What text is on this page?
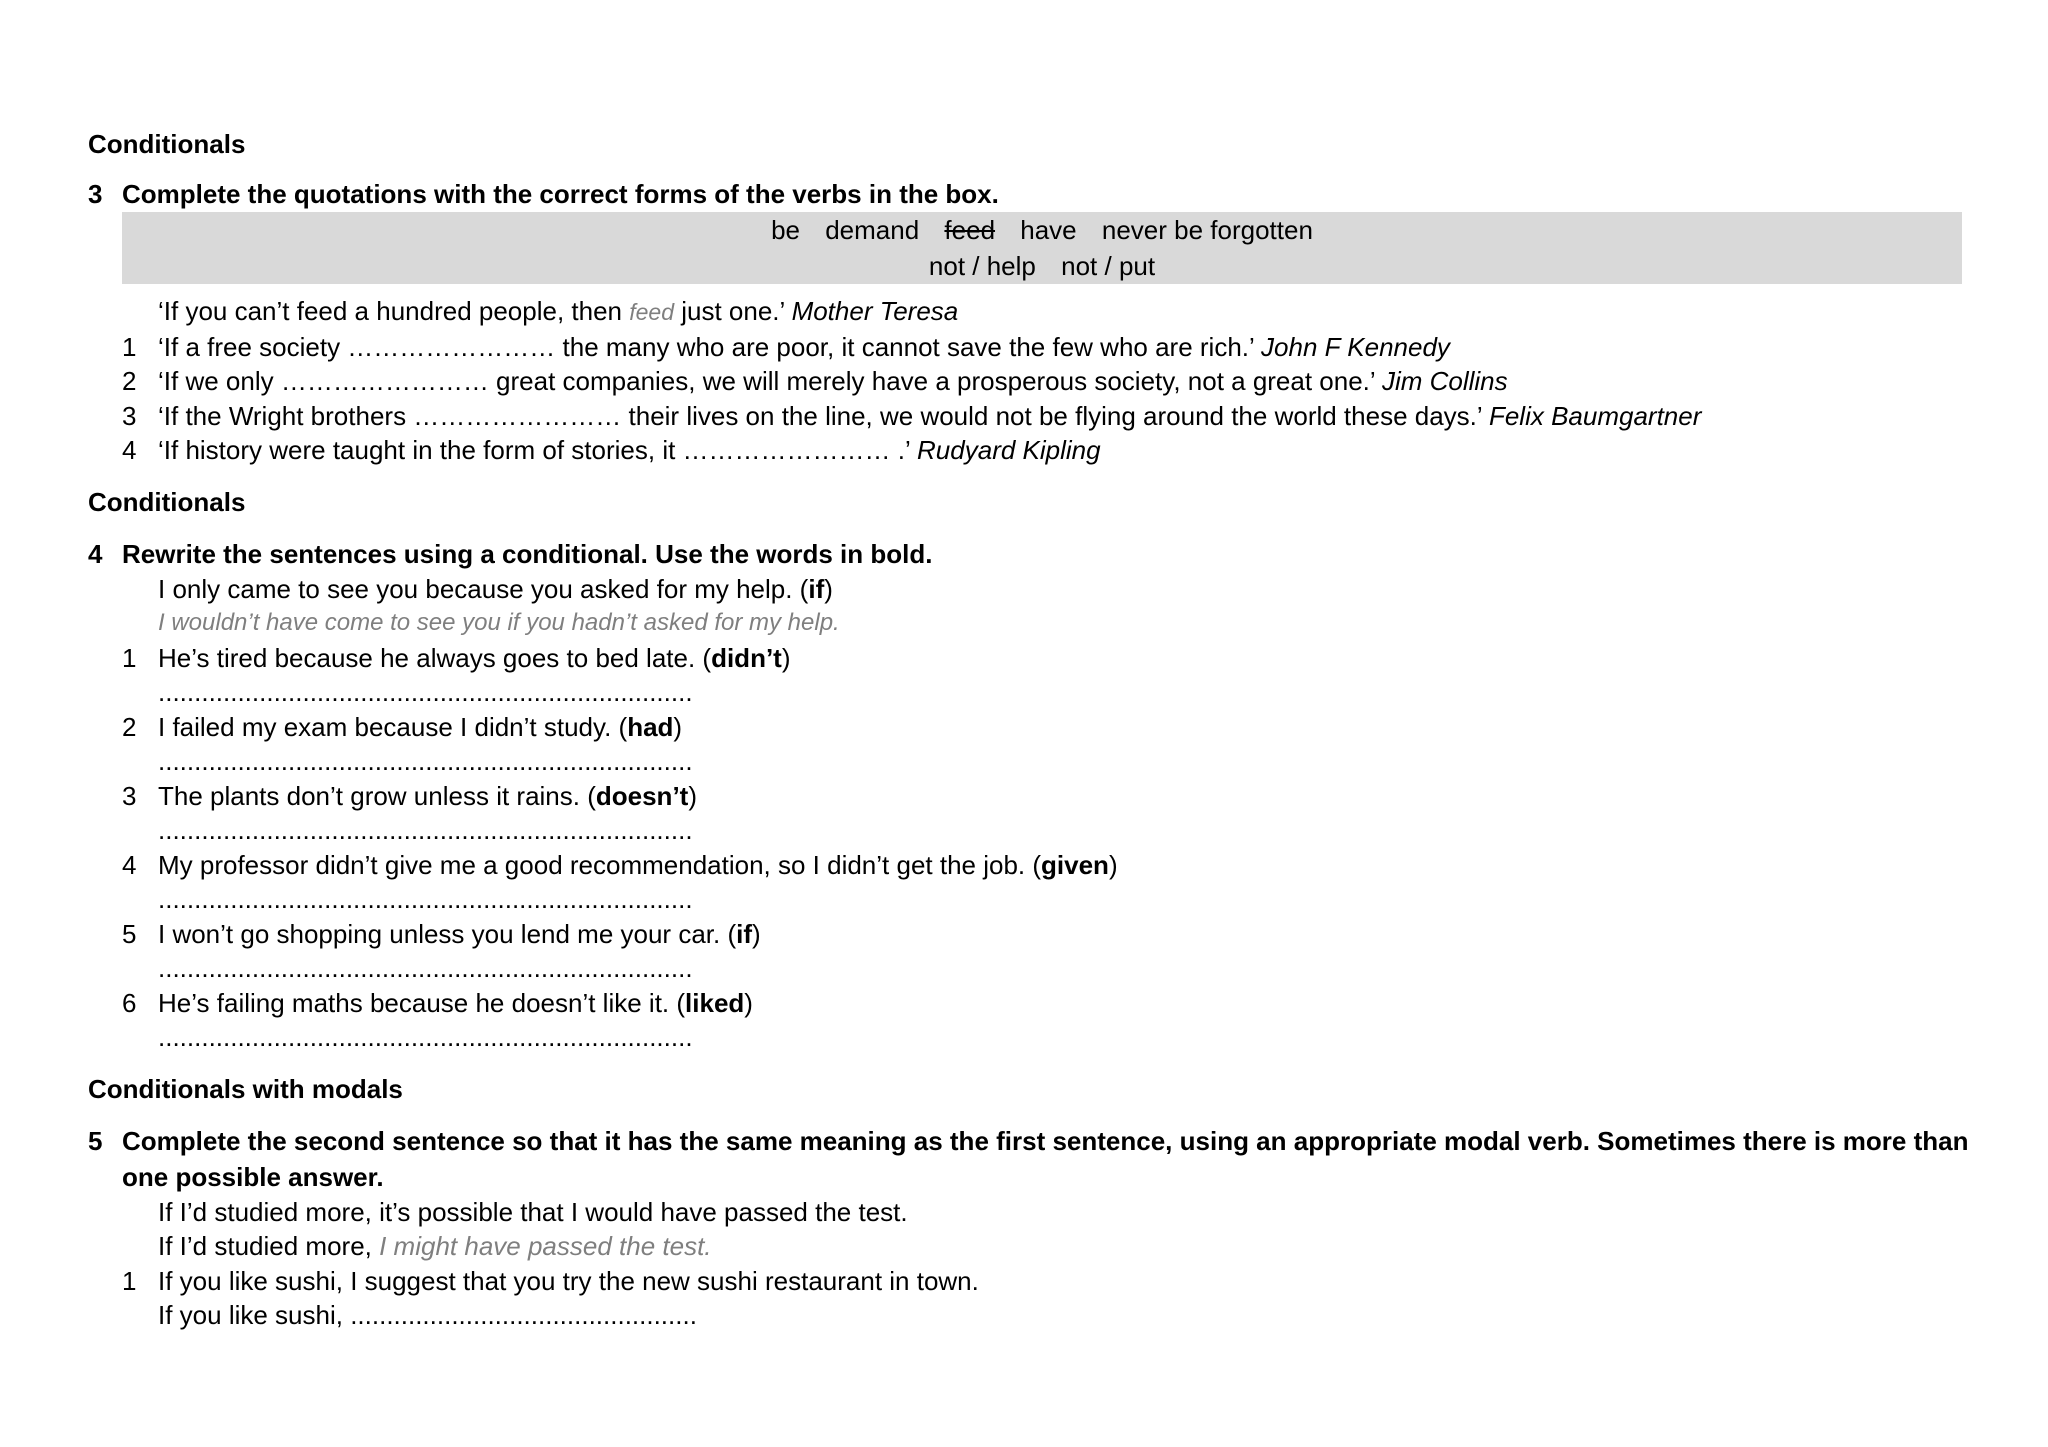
Conditionals

3 Complete the quotations with the correct forms of the verbs in the box.
be demand feed have never be forgotten
not / help not / put
‘If you can’t feed a hundred people, then feed just one.’ Mother Teresa
1 ‘If a free society …………………… the many who are poor, it cannot save the few who are rich.’ John F Kennedy
2 ‘If we only …………………… great companies, we will merely have a prosperous society, not a great one.’ Jim Collins
3 ‘If the Wright brothers …………………… their lives on the line, we would not be flying around the world these days.’ Felix Baumgartner
4 ‘If history were taught in the form of stories, it …………………… .’ Rudyard Kipling

Conditionals

4 Rewrite the sentences using a conditional. Use the words in bold.
I only came to see you because you asked for my help. (if)
I wouldn’t have come to see you if you hadn’t asked for my help.
1 He’s tired because he always goes to bed late. (didn’t)
..........................................................................
2 I failed my exam because I didn’t study. (had)
..........................................................................
3 The plants don’t grow unless it rains. (doesn’t)
..........................................................................
4 My professor didn’t give me a good recommendation, so I didn’t get the job. (given)
..........................................................................
5 I won’t go shopping unless you lend me your car. (if)
..........................................................................
6 He’s failing maths because he doesn’t like it. (liked)
..........................................................................

Conditionals with modals

5 Complete the second sentence so that it has the same meaning as the first sentence, using an appropriate modal verb. Sometimes there is more than one possible answer.
If I’d studied more, it’s possible that I would have passed the test.
If I’d studied more, I might have passed the test.
1 If you like sushi, I suggest that you try the new sushi restaurant in town.
If you like sushi, ................................................
